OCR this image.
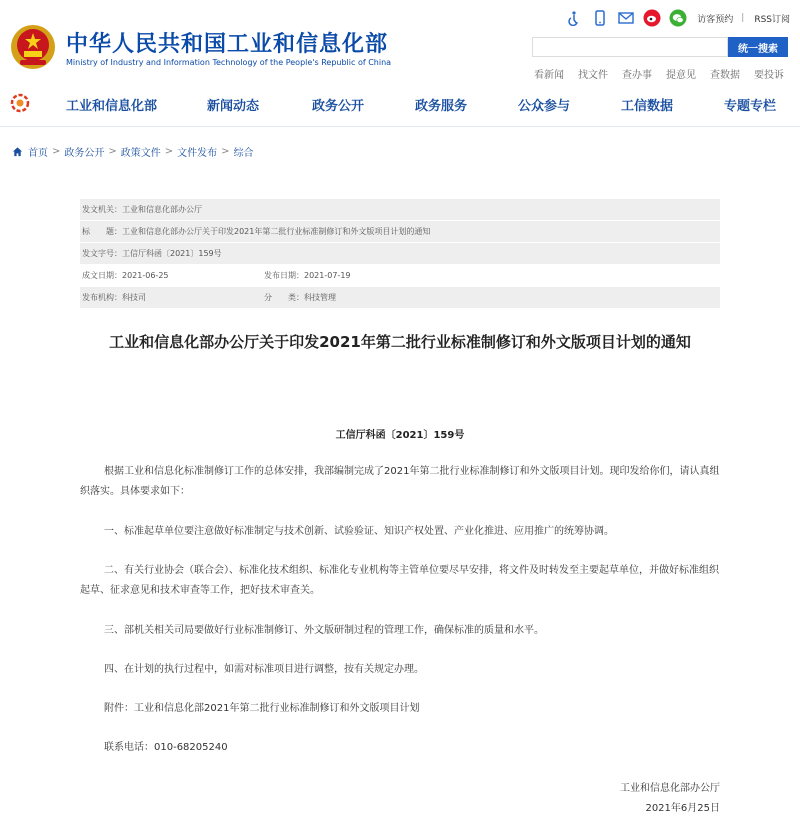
中华人民共和国工业和信息化部
Ministry of Industry and Information Technology of the People's Republic of China
访客预约 | RSS订阅
统一搜索
看新闻 找文件 查办事 提意见 查数据 要投诉
工业和信息化部	新闻动态	政务公开	政务服务	公众参与	工信数据	专题专栏
首页 > 政务公开 > 政策文件 > 文件发布 > 综合
发文机关： 工业和信息化部办公厅
标　　题： 工业和信息化部办公厅关于印发2021年第二批行业标准制修订和外文版项目计划的通知
发文字号： 工信厅科函〔2021〕159号
成文日期： 2021-06-25	发布日期： 2021-07-19
发布机构： 科技司	分　　类： 科技管理
工业和信息化部办公厅关于印发2021年第二批行业标准制修订和外文版项目计划的通知
工信厅科函〔2021〕159号
根据工业和信息化标准制修订工作的总体安排，我部编制完成了2021年第二批行业标准制修订和外文版项目计划。现印发给你们，请认真组织落实。具体要求如下：
一、标准起草单位要注意做好标准制定与技术创新、试验验证、知识产权处置、产业化推进、应用推广的统筹协调。
二、有关行业协会（联合会）、标准化技术组织、标准化专业机构等主管单位要尽早安排，将文件及时转发至主要起草单位，并做好标准组织起草、征求意见和技术审查等工作，把好技术审查关。
三、部机关相关司局要做好行业标准制修订、外文版研制过程的管理工作，确保标准的质量和水平。
四、在计划的执行过程中，如需对标准项目进行调整，按有关规定办理。
附件：工业和信息化部2021年第二批行业标准制修订和外文版项目计划
联系电话：010-68205240
工业和信息化部办公厅
2021年6月25日
